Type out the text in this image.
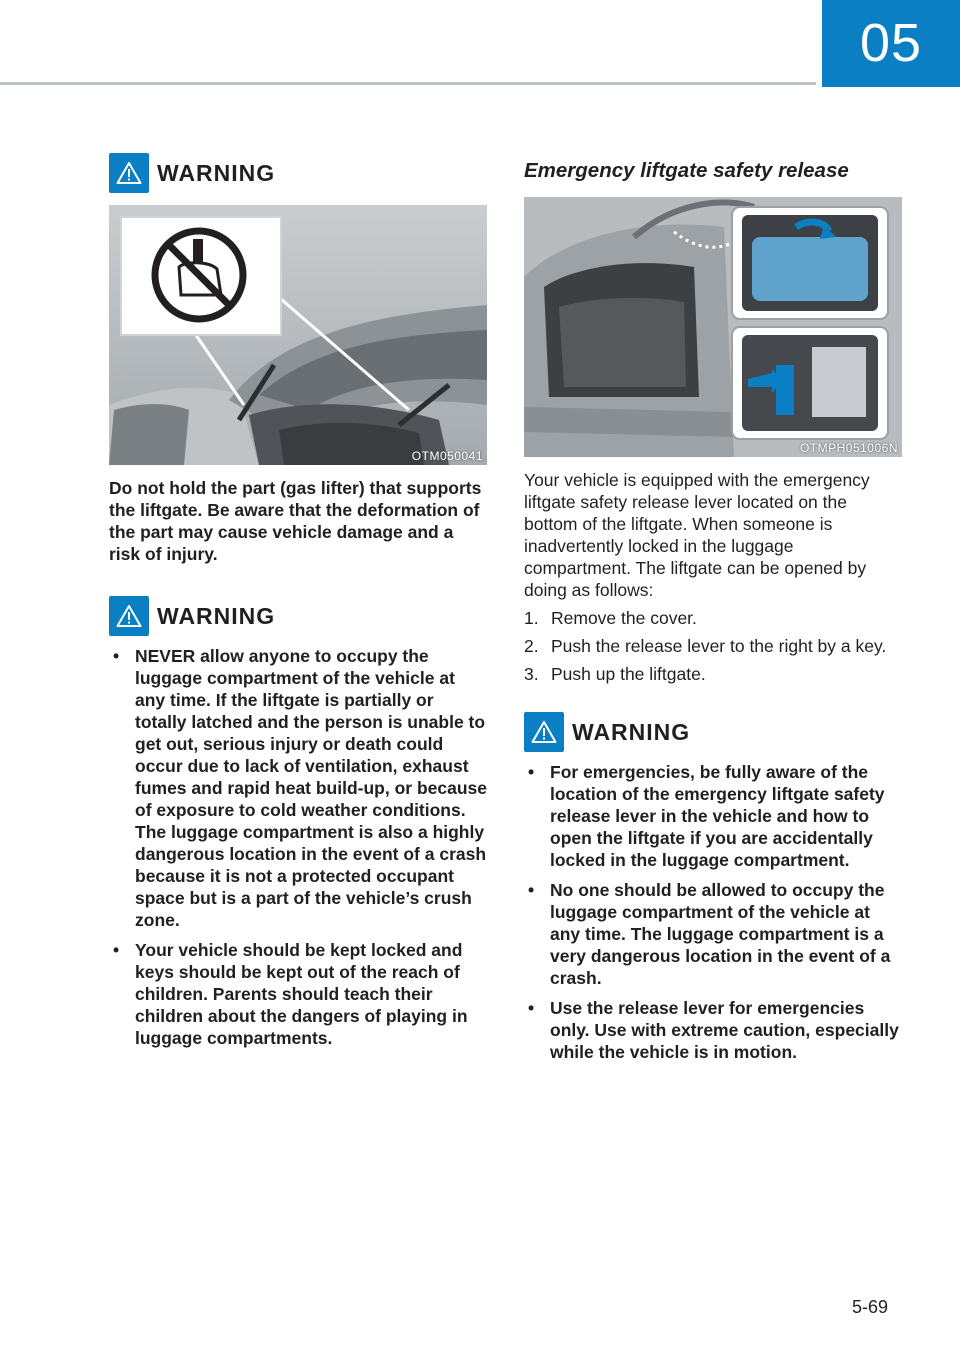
05
WARNING
OTM050041

Do not hold the part (gas lifter) that supports the liftgate. Be aware that the deformation of the part may cause vehicle damage and a risk of injury.

WARNING
• NEVER allow anyone to occupy the luggage compartment of the vehicle at any time. If the liftgate is partially or totally latched and the person is unable to get out, serious injury or death could occur due to lack of ventilation, exhaust fumes and rapid heat build-up, or because of exposure to cold weather conditions. The luggage compartment is also a highly dangerous location in the event of a crash because it is not a protected occupant space but is a part of the vehicle’s crush zone.
• Your vehicle should be kept locked and keys should be kept out of the reach of children. Parents should teach their children about the dangers of playing in luggage compartments.
Emergency liftgate safety release
OTMPH051006N

Your vehicle is equipped with the emergency liftgate safety release lever located on the bottom of the liftgate. When someone is inadvertently locked in the luggage compartment. The liftgate can be opened by doing as follows:

1. Remove the cover.
2. Push the release lever to the right by a key.
3. Push up the liftgate.
WARNING
• For emergencies, be fully aware of the location of the emergency liftgate safety release lever in the vehicle and how to open the liftgate if you are accidentally locked in the luggage compartment.
• No one should be allowed to occupy the luggage compartment of the vehicle at any time. The luggage compartment is a very dangerous location in the event of a crash.
• Use the release lever for emergencies only. Use with extreme caution, especially while the vehicle is in motion.
5-69
